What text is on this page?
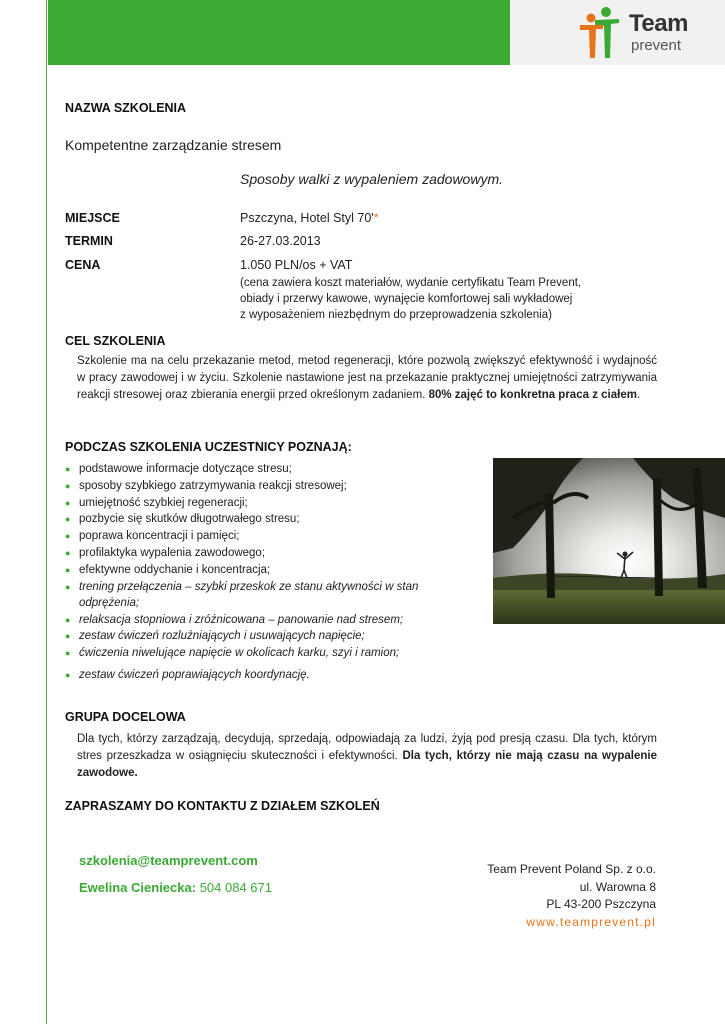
Team
prevent
NAZWA SZKOLENIA
Kompetentne zarządzanie stresem
Sposoby walki z wypaleniem zadowowym.
MIEJSCE	Pszczyna, Hotel Styl 70'*
TERMIN	26-27.03.2013
CENA	1.050 PLN/os + VAT
(cena zawiera koszt materiałów, wydanie certyfikatu Team Prevent,
obiady i przerwy kawowe, wynajęcie komfortowej sali wykładowej
z wyposażeniem niezbędnym do przeprowadzenia szkolenia)
CEL SZKOLENIA
Szkolenie ma na celu przekazanie metod, metod regeneracji, które pozwolą zwiększyć efektywność i wydajność w pracy zawodowej i w życiu. Szkolenie nastawione jest na przekazanie praktycznej umiejętności zatrzymywania reakcji stresowej oraz zbierania energii przed określonym zadaniem. 80% zajęć to konkretna praca z ciałem.
PODCZAS SZKOLENIA UCZESTNICY POZNAJĄ:
● podstawowe informacje dotyczące stresu;
● sposoby szybkiego zatrzymywania reakcji stresowej;
● umiejętność szybkiej regeneracji;
● pozbycie się skutków długotrwałego stresu;
● poprawa koncentracji i pamięci;
● profilaktyka wypalenia zawodowego;
● efektywne oddychanie i koncentracja;
● trening przełączenia – szybki przeskok ze stanu aktywności w stan odprężenia;
● relaksacja stopniowa i zróżnicowana – panowanie nad stresem;
● zestaw ćwiczeń rozluźniających i usuwających napięcie;
● ćwiczenia niwelujące napięcie w okolicach karku, szyi i ramion;
● zestaw ćwiczeń poprawiających koordynację.
GRUPA DOCELOWA
Dla tych, którzy zarządzają, decydują, sprzedają, odpowiadają za ludzi, żyją pod presją czasu. Dla tych, którym stres przeszkadza w osiągnięciu skuteczności i efektywności. Dla tych, którzy nie mają czasu na wypalenie zawodowe.
ZAPRASZAMY DO KONTAKTU Z DZIAŁEM SZKOLEŃ
szkolenia@teamprevent.com
Ewelina Cieniecka: 504 084 671
Team Prevent Poland Sp. z o.o.
ul. Warowna 8
PL 43-200 Pszczyna
www.teamprevent.pl
